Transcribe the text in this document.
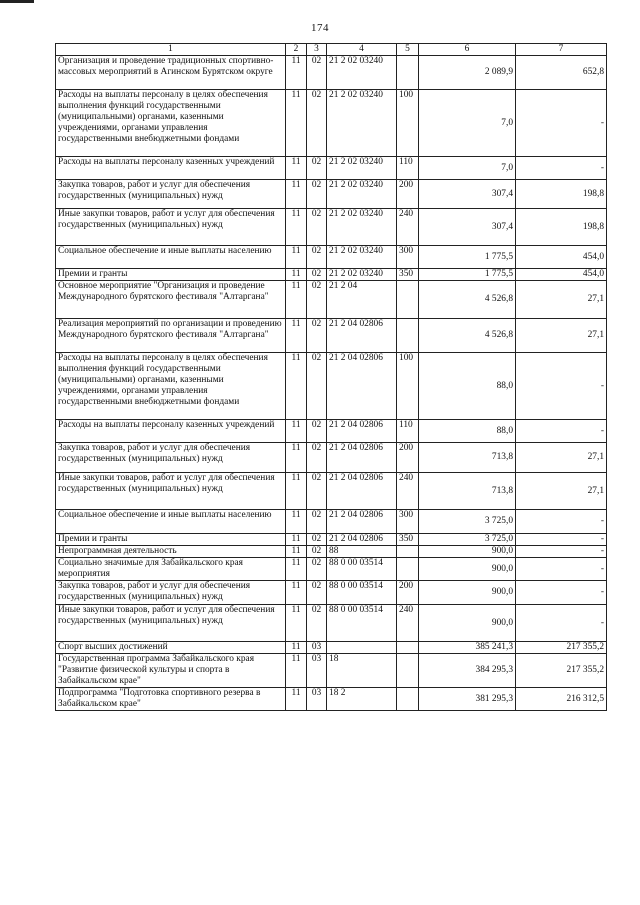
174
1	2	3	4	5	6	7
Организация и проведение традиционных спортивно-массовых мероприятий в Агинском Бурятском округе	11	02	21 2 02 03240		2 089,9	652,8
Расходы на выплаты персоналу в целях обеспечения выполнения функций государственными (муниципальными) органами, казенными учреждениями, органами управления государственными внебюджетными фондами	11	02	21 2 02 03240	100	7,0	-
Расходы на выплаты персоналу казенных учреждений	11	02	21 2 02 03240	110	7,0	-
Закупка товаров, работ и услуг для обеспечения государственных (муниципальных) нужд	11	02	21 2 02 03240	200	307,4	198,8
Иные закупки товаров, работ и услуг для обеспечения государственных (муниципальных) нужд	11	02	21 2 02 03240	240	307,4	198,8
Социальное обеспечение и иные выплаты населению	11	02	21 2 02 03240	300	1 775,5	454,0
Премии и гранты	11	02	21 2 02 03240	350	1 775,5	454,0
Основное мероприятие "Организация и проведение Международного бурятского фестиваля "Алтаргана"	11	02	21 2 04		4 526,8	27,1
Реализация мероприятий по организации и проведению Международного бурятского фестиваля "Алтаргана"	11	02	21 2 04 02806		4 526,8	27,1
Расходы на выплаты персоналу в целях обеспечения выполнения функций государственными (муниципальными) органами, казенными учреждениями, органами управления государственными внебюджетными фондами	11	02	21 2 04 02806	100	88,0	-
Расходы на выплаты персоналу казенных учреждений	11	02	21 2 04 02806	110	88,0	-
Закупка товаров, работ и услуг для обеспечения государственных (муниципальных) нужд	11	02	21 2 04 02806	200	713,8	27,1
Иные закупки товаров, работ и услуг для обеспечения государственных (муниципальных) нужд	11	02	21 2 04 02806	240	713,8	27,1
Социальное обеспечение и иные выплаты населению	11	02	21 2 04 02806	300	3 725,0	-
Премии и гранты	11	02	21 2 04 02806	350	3 725,0	-
Непрограммная деятельность	11	02	88		900,0	-
Социально значимые для Забайкальского края мероприятия	11	02	88 0 00 03514		900,0	-
Закупка товаров, работ и услуг для обеспечения государственных (муниципальных) нужд	11	02	88 0 00 03514	200	900,0	-
Иные закупки товаров, работ и услуг для обеспечения государственных (муниципальных) нужд	11	02	88 0 00 03514	240	900,0	-
Спорт высших достижений	11	03			385 241,3	217 355,2
Государственная программа Забайкальского края "Развитие физической культуры и спорта в Забайкальском крае"	11	03	18		384 295,3	217 355,2
Подпрограмма "Подготовка спортивного резерва в Забайкальском крае"	11	03	18 2		381 295,3	216 312,5
